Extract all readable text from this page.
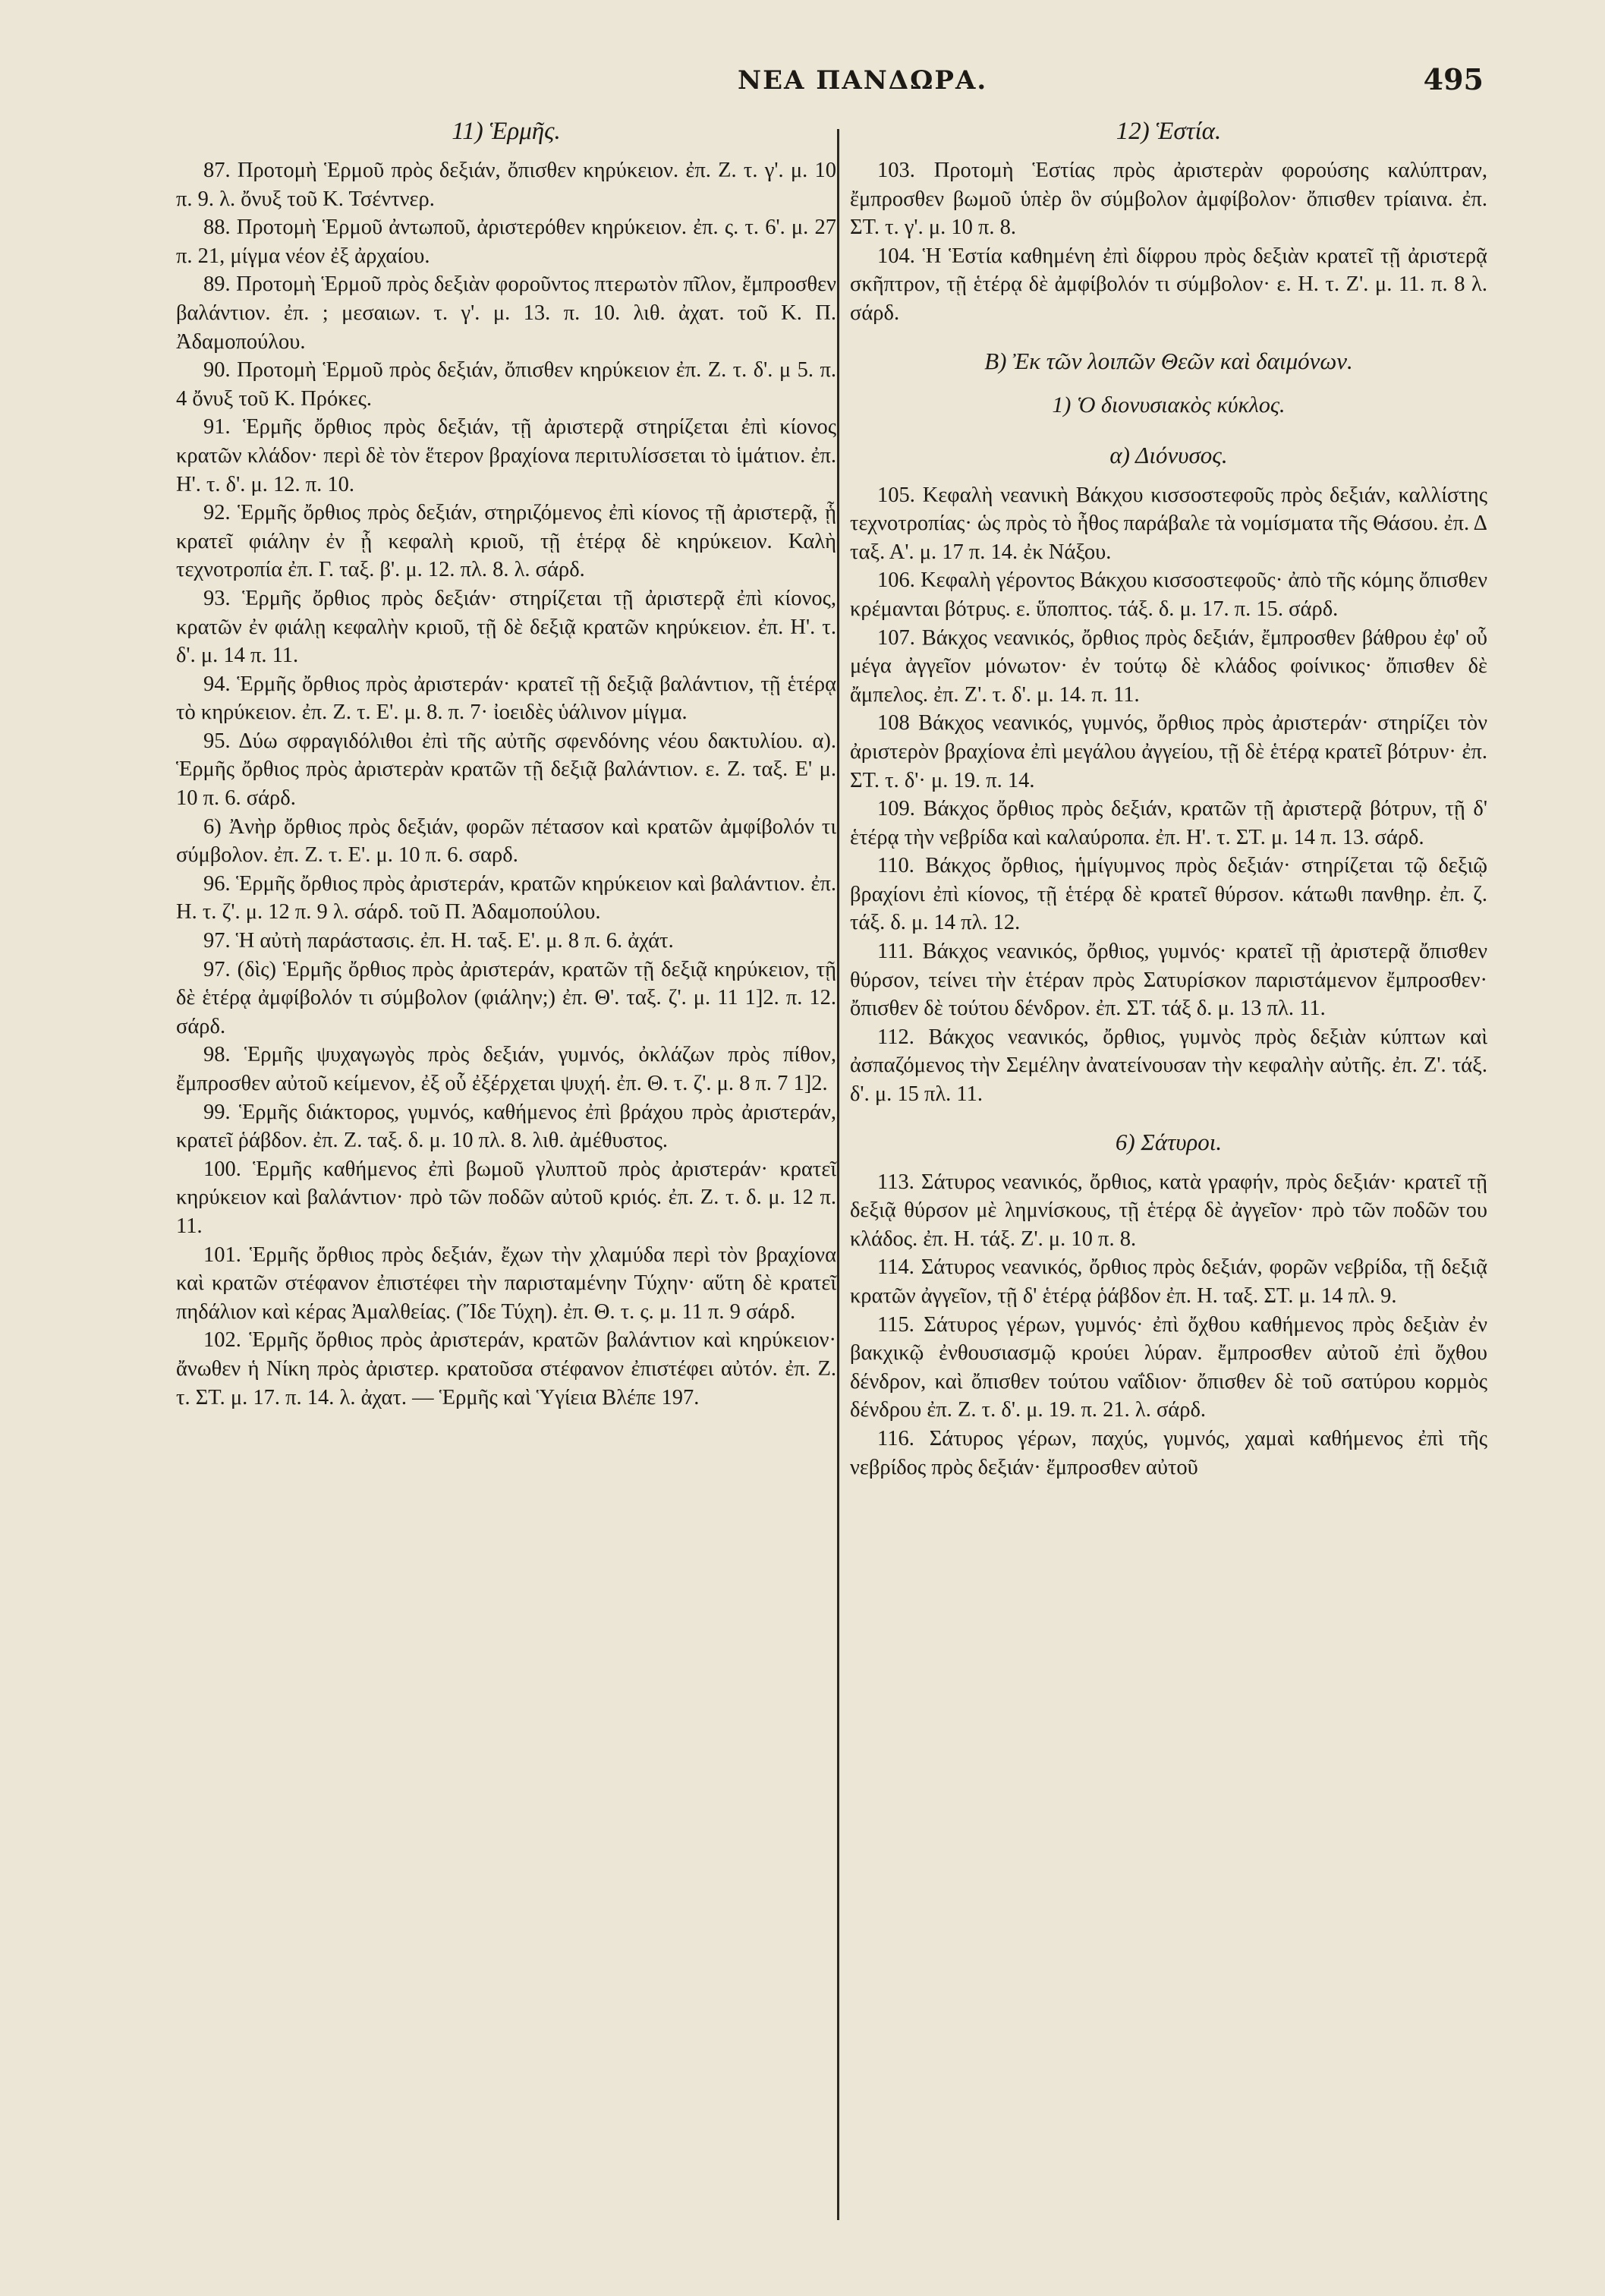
ΝΕΑ ΠΑΝΔΩΡΑ.	495
11) Ἑρμῆς.

87. Προτομὴ Ἑρμοῦ πρὸς δεξιάν, ὄπισθεν κηρύκειον. ἐπ. Ζ. τ. γ'. μ. 10 π. 9. λ. ὄνυξ τοῦ Κ. Τσέντνερ.

88. Προτομὴ Ἑρμοῦ ἀντωποῦ, ἀριστερόθεν κηρύκειον. ἐπ. ς. τ. 6'. μ. 27 π. 21, μίγμα νέον ἐξ ἀρχαίου.

89. Προτομὴ Ἑρμοῦ πρὸς δεξιὰν φοροῦντος πτερωτὸν πῖλον, ἔμπροσθεν βαλάντιον. ἐπ. ; μεσαιων. τ. γ'. μ. 13. π. 10. λιθ. ἀχατ. τοῦ Κ. Π. Ἀδαμοπούλου.

90. Προτομὴ Ἑρμοῦ πρὸς δεξιάν, ὄπισθεν κηρύκειον ἐπ. Ζ. τ. δ'. μ 5. π. 4 ὄνυξ τοῦ Κ. Πρόκες.

91. Ἑρμῆς ὄρθιος πρὸς δεξιάν, τῇ ἀριστερᾷ στηρίζεται ἐπὶ κίονος κρατῶν κλάδον· περὶ δὲ τὸν ἕτερον βραχίονα περιτυλίσσεται τὸ ἱμάτιον. ἐπ. Η'. τ. δ'. μ. 12. π. 10.

92. Ἑρμῆς ὄρθιος πρὸς δεξιάν, στηριζόμενος ἐπὶ κίονος τῇ ἀριστερᾷ, ᾗ κρατεῖ φιάλην ἐν ᾗ κεφαλὴ κριοῦ, τῇ ἑτέρᾳ δὲ κηρύκειον. Καλὴ τεχνοτροπία ἐπ. Γ. ταξ. β'. μ. 12. πλ. 8. λ. σάρδ.

93. Ἑρμῆς ὄρθιος πρὸς δεξιάν· στηρίζεται τῇ ἀριστερᾷ ἐπὶ κίονος, κρατῶν ἐν φιάλῃ κεφαλὴν κριοῦ, τῇ δὲ δεξιᾷ κρατῶν κηρύκειον. ἐπ. Η'. τ. δ'. μ. 14 π. 11.

94. Ἑρμῆς ὄρθιος πρὸς ἀριστεράν· κρατεῖ τῇ δεξιᾷ βαλάντιον, τῇ ἑτέρᾳ τὸ κηρύκειον. ἐπ. Ζ. τ. Ε'. μ. 8. π. 7· ἰοειδὲς ὑάλινον μίγμα.

95. Δύω σφραγιδόλιθοι ἐπὶ τῆς αὐτῆς σφενδόνης νέου δακτυλίου. α). Ἑρμῆς ὄρθιος πρὸς ἀριστερὰν κρατῶν τῇ δεξιᾷ βαλάντιον. ε. Ζ. ταξ. Ε' μ. 10 π. 6. σάρδ.

6) Ἀνὴρ ὄρθιος πρὸς δεξιάν, φορῶν πέτασον καὶ κρατῶν ἀμφίβολόν τι σύμβολον. ἐπ. Ζ. τ. Ε'. μ. 10 π. 6. σαρδ.

96. Ἑρμῆς ὄρθιος πρὸς ἀριστεράν, κρατῶν κηρύκειον καὶ βαλάντιον. ἐπ. Η. τ. ζ'. μ. 12 π. 9 λ. σάρδ. τοῦ Π. Ἀδαμοπούλου.

97. Ἡ αὐτὴ παράστασις. ἐπ. Η. ταξ. Ε'. μ. 8 π. 6. ἀχάτ.

97. (δὶς) Ἑρμῆς ὄρθιος πρὸς ἀριστεράν, κρατῶν τῇ δεξιᾷ κηρύκειον, τῇ δὲ ἑτέρᾳ ἀμφίβολόν τι σύμβολον (φιάλην;) ἐπ. Θ'. ταξ. ζ'. μ. 11 1]2. π. 12. σάρδ.

98. Ἑρμῆς ψυχαγωγὸς πρὸς δεξιάν, γυμνός, ὀκλάζων πρὸς πίθον, ἔμπροσθεν αὐτοῦ κείμενον, ἐξ οὗ ἐξέρχεται ψυχή. ἐπ. Θ. τ. ζ'. μ. 8 π. 7 1]2.

99. Ἑρμῆς διάκτορος, γυμνός, καθήμενος ἐπὶ βράχου πρὸς ἀριστεράν, κρατεῖ ῥάβδον. ἐπ. Ζ. ταξ. δ. μ. 10 πλ. 8. λιθ. ἀμέθυστος.

100. Ἑρμῆς καθήμενος ἐπὶ βωμοῦ γλυπτοῦ πρὸς ἀριστεράν· κρατεῖ κηρύκειον καὶ βαλάντιον· πρὸ τῶν ποδῶν αὐτοῦ κριός. ἐπ. Ζ. τ. δ. μ. 12 π. 11.

101. Ἑρμῆς ὄρθιος πρὸς δεξιάν, ἔχων τὴν χλαμύδα περὶ τὸν βραχίονα καὶ κρατῶν στέφανον ἐπιστέφει τὴν παρισταμένην Τύχην· αὕτη δὲ κρατεῖ πηδάλιον καὶ κέρας Ἀμαλθείας. (Ἴδε Τύχη). ἐπ. Θ. τ. ς. μ. 11 π. 9 σάρδ.

102. Ἑρμῆς ὄρθιος πρὸς ἀριστεράν, κρατῶν βαλάντιον καὶ κηρύκειον· ἄνωθεν ἡ Νίκη πρὸς ἀριστερ. κρατοῦσα στέφανον ἐπιστέφει αὐτόν. ἐπ. Ζ. τ. ΣΤ. μ. 17. π. 14. λ. ἀχατ. — Ἑρμῆς καὶ Ὑγίεια Βλέπε 197.

12) Ἑστία.

103. Προτομὴ Ἑστίας πρὸς ἀριστερὰν φορούσης καλύπτραν, ἔμπροσθεν βωμοῦ ὑπὲρ ὃν σύμβολον ἀμφίβολον· ὄπισθεν τρίαινα. ἐπ. ΣΤ. τ. γ'. μ. 10 π. 8.

104. Ἡ Ἑστία καθημένη ἐπὶ δίφρου πρὸς δεξιὰν κρατεῖ τῇ ἀριστερᾷ σκῆπτρον, τῇ ἑτέρᾳ δὲ ἀμφίβολόν τι σύμβολον· ε. Η. τ. Ζ'. μ. 11. π. 8 λ. σάρδ.

Β) Ἐκ τῶν λοιπῶν Θεῶν καὶ δαιμόνων.
1) Ὁ διονυσιακὸς κύκλος.
α) Διόνυσος.

105. Κεφαλὴ νεανικὴ Βάκχου κισσοστεφοῦς πρὸς δεξιάν, καλλίστης τεχνοτροπίας· ὡς πρὸς τὸ ἦθος παράβαλε τὰ νομίσματα τῆς Θάσου. ἐπ. Δ ταξ. Α'. μ. 17 π. 14. ἐκ Νάξου.

106. Κεφαλὴ γέροντος Βάκχου κισσοστεφοῦς· ἀπὸ τῆς κόμης ὄπισθεν κρέμανται βότρυς. ε. ὕποπτος. τάξ. δ. μ. 17. π. 15. σάρδ.

107. Βάκχος νεανικός, ὄρθιος πρὸς δεξιάν, ἔμπροσθεν βάθρου ἐφ' οὗ μέγα ἀγγεῖον μόνωτον· ἐν τούτῳ δὲ κλάδος φοίνικος· ὄπισθεν δὲ ἄμπελος. ἐπ. Ζ'. τ. δ'. μ. 14. π. 11.

108 Βάκχος νεανικός, γυμνός, ὄρθιος πρὸς ἀριστεράν· στηρίζει τὸν ἀριστερὸν βραχίονα ἐπὶ μεγάλου ἀγγείου, τῇ δὲ ἑτέρᾳ κρατεῖ βότρυν· ἐπ. ΣΤ. τ. δ'· μ. 19. π. 14.

109. Βάκχος ὄρθιος πρὸς δεξιάν, κρατῶν τῇ ἀριστερᾷ βότρυν, τῇ δ' ἑτέρᾳ τὴν νεβρίδα καὶ καλαύροπα. ἐπ. Η'. τ. ΣΤ. μ. 14 π. 13. σάρδ.

110. Βάκχος ὄρθιος, ἡμίγυμνος πρὸς δεξιάν· στηρίζεται τῷ δεξιῷ βραχίονι ἐπὶ κίονος, τῇ ἑτέρᾳ δὲ κρατεῖ θύρσον. κάτωθι πανθηρ. ἐπ. ζ. τάξ. δ. μ. 14 πλ. 12.

111. Βάκχος νεανικός, ὄρθιος, γυμνός· κρατεῖ τῇ ἀριστερᾷ ὄπισθεν θύρσον, τείνει τὴν ἑτέραν πρὸς Σατυρίσκον παριστάμενον ἔμπροσθεν· ὄπισθεν δὲ τούτου δένδρον. ἐπ. ΣΤ. τάξ δ. μ. 13 πλ. 11.

112. Βάκχος νεανικός, ὄρθιος, γυμνὸς πρὸς δεξιὰν κύπτων καὶ ἀσπαζόμενος τὴν Σεμέλην ἀνατείνουσαν τὴν κεφαλὴν αὐτῆς. ἐπ. Ζ'. τάξ. δ'. μ. 15 πλ. 11.

6) Σάτυροι.

113. Σάτυρος νεανικός, ὄρθιος, κατὰ γραφήν, πρὸς δεξιάν· κρατεῖ τῇ δεξιᾷ θύρσον μὲ λημνίσκους, τῇ ἑτέρᾳ δὲ ἀγγεῖον· πρὸ τῶν ποδῶν του κλάδος. ἐπ. Η. τάξ. Ζ'. μ. 10 π. 8.

114. Σάτυρος νεανικός, ὄρθιος πρὸς δεξιάν, φορῶν νεβρίδα, τῇ δεξιᾷ κρατῶν ἀγγεῖον, τῇ δ' ἑτέρᾳ ῥάβδον ἐπ. Η. ταξ. ΣΤ. μ. 14 πλ. 9.

115. Σάτυρος γέρων, γυμνός· ἐπὶ ὄχθου καθήμενος πρὸς δεξιὰν ἐν βακχικῷ ἐνθουσιασμῷ κρούει λύραν. ἔμπροσθεν αὐτοῦ ἐπὶ ὄχθου δένδρον, καὶ ὄπισθεν τούτου ναΐδιον· ὄπισθεν δὲ τοῦ σατύρου κορμὸς δένδρου ἐπ. Ζ. τ. δ'. μ. 19. π. 21. λ. σάρδ.

116. Σάτυρος γέρων, παχύς, γυμνός, χαμαὶ καθήμενος ἐπὶ τῆς νεβρίδος πρὸς δεξιάν· ἔμπροσθεν αὐτοῦ
